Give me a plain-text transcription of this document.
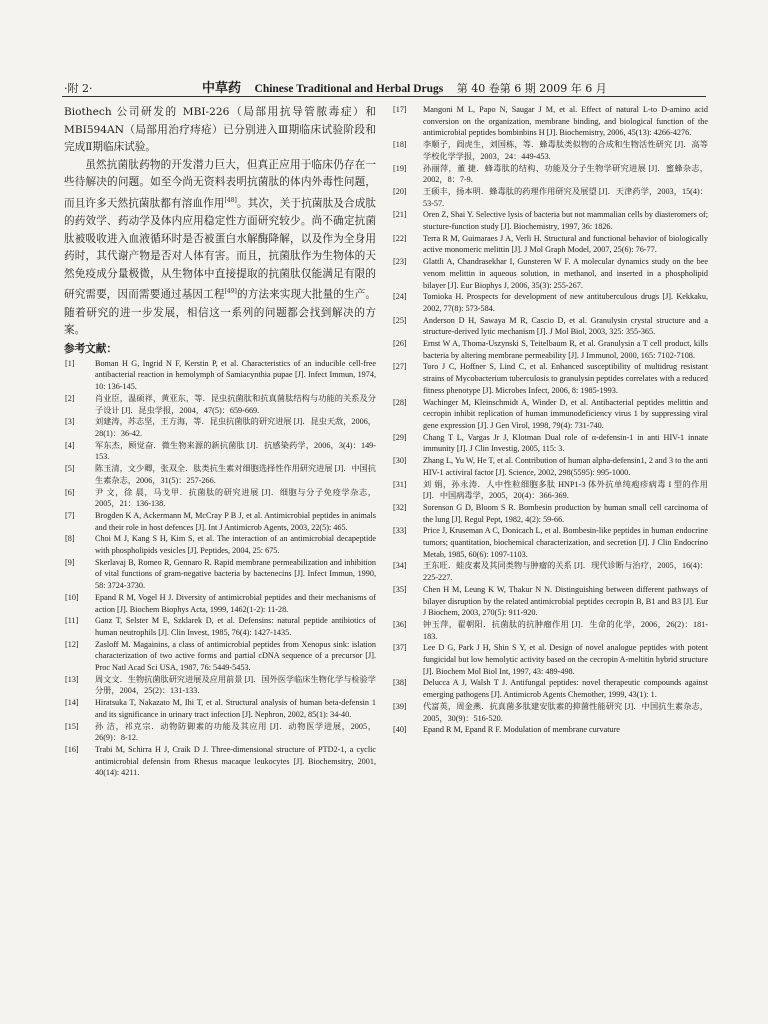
·附 2·	中草药 Chinese Traditional and Herbal Drugs 第 40 卷第 6 期 2009 年 6 月

Biothech 公司研发的 MBI-226（局部用抗导管脓毒症）和 MBI594AN（局部用治疗痔疮）已分别进入Ⅲ期临床试验阶段和完成Ⅱ期临床试验。

虽然抗菌肽药物的开发潜力巨大，但真正应用于临床仍存在一些待解决的问题。如至今尚无资料表明抗菌肽的体内外毒性问题，而且许多天然抗菌肽都有溶血作用[48]。其次，关于抗菌肽及合成肽的药效学、药动学及体内应用稳定性方面研究较少。尚不确定抗菌肽被吸收进入血液循环时是否被蛋白水解酶降解，以及作为全身用药时，其代谢产物是否对人体有害。而且，抗菌肽作为生物体的天然免疫成分量极微，从生物体中直接提取的抗菌肽仅能满足有限的研究需要，因而需要通过基因工程[49]的方法来实现大批量的生产。随着研究的进一步发展，相信这一系列的问题都会找到解决的方案。

参考文献：
[1]	Boman H G, Ingrid N F, Kerstin P, et al. Characteristics of an inducible cell-free antibacterial reaction in hemolymph of Samiacynthia pupae [J]. Infect Immun, 1974, 10: 136-145.
[2]	肖业臣，温硕祥，黄亚东，等．昆虫抗菌肽和抗真菌肽结构与功能的关系及分子设计 [J]．昆虫学报，2004，47(5)：659-669.
[3]	刘建涛，苏志坚，王方海，等．昆虫抗菌肽的研究进展 [J]．昆虫天敌，2006，28(1)：36-42.
[4]	军东杰，顾觉奋．微生物来源的新抗菌肽 [J]．抗感染药学，2006，3(4)：149-153.
[5]	陈玉清，文少卿，张双全．肽类抗生素对细胞选择性作用研究进展 [J]．中国抗生素杂志，2006，31(5)：257-266.
[6]	尹 文，徐 晨，马戈甲．抗菌肽的研究进展 [J]．细胞与分子免疫学杂志，2005，21：136-138.
[7]	Brogden K A, Ackermann M, McCray P B J, et al. Antimicrobial peptides in animals and their role in host defences [J]. Int J Antimicrob Agents, 2003, 22(5): 465.
[8]	Choi M J, Kang S H, Kim S, et al. The interaction of an antimicrobial decapeptide with phospholipids vesicles [J]. Peptides, 2004, 25: 675.
[9]	Skerlavaj B, Romeo R, Gennaro R. Rapid membrane permeabilization and inhibition of vital functions of gram-negative bacteria by bactenecins [J]. Infect Immun, 1990, 58: 3724-3730.
[10]	Epand R M, Vogel H J. Diversity of antimicrobial peptides and their mechanisms of action [J]. Biochem Biophys Acta, 1999, 1462(1-2): 11-28.
[11]	Ganz T, Selster M E, Szklarek D, et al. Defensins: natural peptide antibiotics of human neutrophils [J]. Clin Invest, 1985, 76(4): 1427-1435.
[12]	Zasloff M. Magainins, a class of antimicrobial peptides from Xenopus sink: islation characterization of two active forms and partial cDNA sequence of a precursor [J]. Proc Natl Acad Sci USA, 1987, 76: 5449-5453.
[13]	周文文．生物抗菌肽研究进展及应用前景 [J]．国外医学临床生物化学与检验学分册，2004，25(2)：131-133.
[14]	Hiratsuka T, Nakazato M, Ihi T, et al. Structural analysis of human beta-defensin 1 and its significance in urinary tract infection [J]. Nephron, 2002, 85(1): 34-40.
[15]	孙 洁，祁克宗．动物防御素的功能及其应用 [J]．动物医学进展，2005，26(9)：8-12.
[16]	Trabi M, Schirra H J, Craik D J. Three-dimensional structure of PTD2-1, a cyclic antimicrobial defensin from Rhesus macaque leukocytes [J]. Biochemsitry, 2001, 40(14): 4211.
[17]	Mangoni M L, Papo N, Saugar J M, et al. Effect of natural L-to D-amino acid conversion on the organization, membrane binding, and biological function of the antimicrobial peptides bombinbins H [J]. Biochemistry, 2006, 45(13): 4266-4276.
[18]	李顺子，阎虎生，刘国栋，等．蜂毒肽类似物的合成和生物活性研究 [J]．高等学校化学学报，2003，24：449-453.
[19]	孙丽萍，董 捷．蜂毒肽的结构、功能及分子生物学研究进展 [J]．蜜蜂杂志，2002，8：7-9.
[20]	王硕丰，扬本明．蜂毒肽的药理作用研究及展望 [J]．天津药学，2003，15(4)：53-57.
[21]	Oren Z, Shai Y. Selective lysis of bacteria but not mammalian cells by diasteromers of; stucture-function study [J]. Biochemistry, 1997, 36: 1826.
[22]	Terra R M, Guimaraes J A, Verli H. Structural and functional behavior of biologically active monomeric melittin [J]. J Mol Graph Model, 2007, 25(6): 76-77.
[23]	Glattli A, Chandrasekhar I, Gunsteren W F. A molecular dynamics study on the bee venom melittin in aqueous solution, in methanol, and inserted in a phospholipid bilayer [J]. Eur Biophys J, 2006, 35(3): 255-267.
[24]	Tomioka H. Prospects for development of new antituberculous drugs [J]. Kekkaku, 2002, 77(8): 573-584.
[25]	Anderson D H, Sawaya M R, Cascio D, et al. Granulysin crystal structure and a structure-derived lytic mechanism [J]. J Mol Biol, 2003, 325: 355-365.
[26]	Ernst W A, Thoma-Uszynski S, Teitelbaum R, et al. Granulysin a T cell product, kills bacteria by altering membrane permeability [J]. J Immunol, 2000, 165: 7102-7108.
[27]	Toro J C, Hoffner S, Lind C, et al. Enhanced susceptibility of multidrug resistant strains of Mycobacterium tuberculosis to granulysin peptides correlates with a reduced fitness phenotype [J]. Microbes Infect, 2006, 8: 1985-1993.
[28]	Wachinger M, Kleinschmidt A, Winder D, et al. Antibacterial peptides melittin and cecropin inhibit replication of human immunodeficiency virus 1 by suppressing viral gene expression [J]. J Gen Virol, 1998, 79(4): 731-740.
[29]	Chang T L, Vargas Jr J, Klotman Dual role of α-defensin-1 in anti HIV-1 innate immunity [J]. J Clin Investig, 2005, 115: 3.
[30]	Zhang L, Yu W, He T, et al. Contribution of human alpha-defensin1, 2 and 3 to the anti HIV-1 activiral factor [J]. Science, 2002, 298(5595): 995-1000.
[31]	刘 娟，孙永涛．人中性粒细胞多肽 HNP1-3 体外抗单纯疱疹病毒 I 型的作用 [J]．中国病毒学，2005，20(4)：366-369.
[32]	Sorenson G D, Bloom S R. Bombesin production by human small cell carcinoma of the lung [J]. Regul Pept, 1982, 4(2): 59-66.
[33]	Price J, Kruseman A C, Donicach L, et al. Bombesin-like peptides in human endocrine tumors; quantitation, biochemical characterization, and secretion [J]. J Clin Endocrino Metab, 1985, 60(6): 1097-1103.
[34]	王东旺．蛙皮素及其同类物与肿瘤的关系 [J]．现代诊断与治疗，2005，16(4)：225-227.
[35]	Chen H M, Leung K W, Thakur N N. Distinguishing between different pathways of bilayer disruption by the related antimicrobial peptides cecropin B, B1 and B3 [J]. Eur J Biochem, 2003, 270(5): 911-920.
[36]	钟玉萍，翟朝阳．抗菌肽的抗肿瘤作用 [J]．生命的化学，2006，26(2)：181-183.
[37]	Lee D G, Park J H, Shin S Y, et al. Design of novel analogue peptides with potent fungicidal but low hemolytic activity based on the cecropin A-meltitin hybrid structure [J]. Biochem Mol Biol Int, 1997, 43: 489-498.
[38]	Delucca A J, Walsh T J. Antifungal peptides: novel therapeutic compounds against emerging pathogens [J]. Antimicrob Agents Chemother, 1999, 43(1): 1.
[39]	代富英，周金燕．抗真菌多肽建安肽素的抑菌性能研究 [J]．中国抗生素杂志，2005，30(9)：516-520.
[40]	Epand R M, Epand R F. Modulation of membrane curvature
